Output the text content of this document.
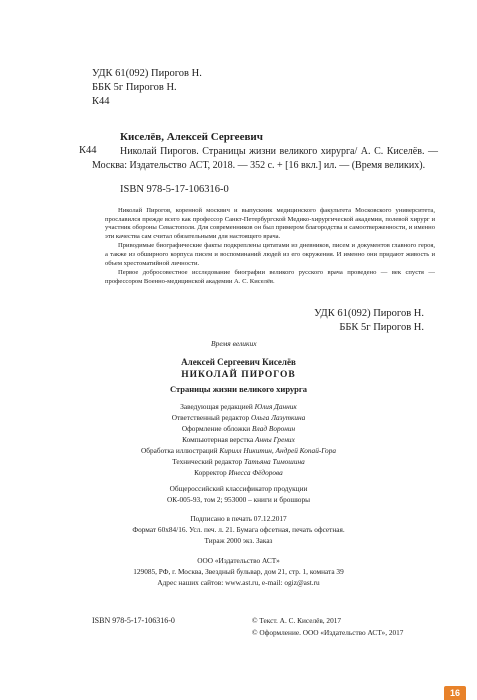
УДК 61(092) Пирогов Н.
ББК 5г Пирогов Н.
К44
Киселёв, Алексей Сергеевич
К44	Николай Пирогов. Страницы жизни великого хирурга/ А. С. Киселёв. — Москва: Издательство АСТ, 2018. — 352 с. + [16 вкл.] ил. — (Время великих).
ISBN 978-5-17-106316-0

Николай Пирогов, коренной москвич и выпускник медицинского факультета Московского университета, прославился прежде всего как профессор Санкт-Петербургской Медико-хирургической академии, полевой хирург и участник обороны Севастополя. Для современников он был примером благородства и самоотверженности, и именно эти качества сам считал обязательными для настоящего врача.

Приводимые биографические факты подкреплены цитатами из дневников, писем и документов главного героя, а также из обширного корпуса писем и воспоминаний людей из его окружения. И именно они придают живость и объем хрестоматийной личности.

Первое добросовестное исследование биографии великого русского врача проведено — век спустя — профессором Военно-медицинской академии А. С. Киселёв.

УДК 61(092) Пирогов Н.
ББК 5г Пирогов Н.
Время великих
Алексей Сергеевич Киселёв
НИКОЛАЙ ПИРОГОВ
Страницы жизни великого хирурга
Заведующая редакцией Юлия Данник
Ответственный редактор Ольга Лазуткина
Оформление обложки Влад Воронин
Компьютерная верстка Анны Грених
Обработка иллюстраций Кирилл Никитин, Андрей Копай-Гора
Технический редактор Татьяна Тимошина
Корректор Инесса Фёдорова
Общероссийский классификатор продукции
ОК-005-93, том 2; 953000 – книги и брошюры
Подписано в печать 07.12.2017
Формат 60x84/16. Усл. печ. л. 21. Бумага офсетная, печать офсетная.
Тираж 2000 экз. Заказ
ООО «Издательство АСТ»
129085, РФ, г. Москва, Звездный бульвар, дом 21, стр. 1, комната 39
Адрес наших сайтов: www.ast.ru, e-mail: ogiz@ast.ru
ISBN 978-5-17-106316-0	© Текст. А. С. Киселёв, 2017
© Оформление. ООО «Издательство АСТ», 2017
16
